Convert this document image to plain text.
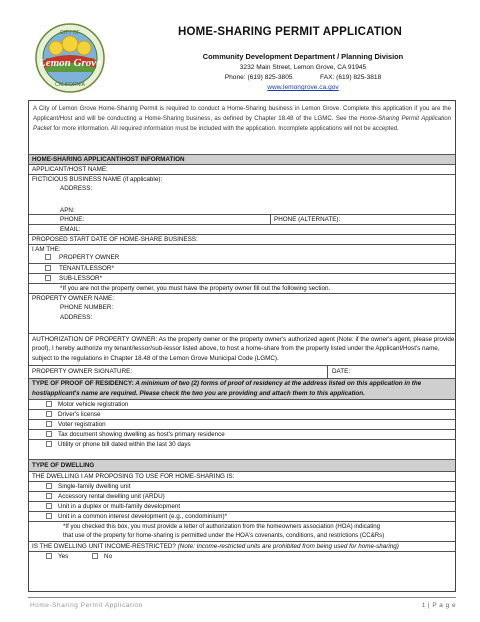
Lemon Grove
CITY OF
CALIFORNIA
HOME-SHARING PERMIT APPLICATION
Community Development Department / Planning Division
3232 Main Street, Lemon Grove, CA 91945
Phone: (619) 825-3805	FAX: (619) 825-3818
www.lemongrove.ca.gov
A City of Lemon Grove Home-Sharing Permit is required to conduct a Home-Sharing business in Lemon Grove. Complete this application if you are the Applicant/Host and will be conducting a Home-Sharing business, as defined by Chapter 18.48 of the LGMC. See the Home-Sharing Permit Application Packet for more information. All required information must be included with the application. Incomplete applications will not be accepted.
HOME-SHARING APPLICANT/HOST INFORMATION
APPLICANT/HOST NAME:
FICTICIOUS BUSINESS NAME (if applicable):
ADDRESS:
APN:
PHONE:	PHONE (ALTERNATE):
EMAIL:
PROPOSED START DATE OF HOME-SHARE BUSINESS:
I AM THE:
PROPERTY OWNER
TENANT/LESSOR*
SUB-LESSOR*
*If you are not the property owner, you must have the property owner fill out the following section.
PROPERTY OWNER NAME:
PHONE NUMBER:
ADDRESS:
AUTHORIZATION OF PROPERTY OWNER: As the property owner or the property owner's authorized agent (Note: if the owner's agent, please provide proof), I hereby authorize my tenant/lessor/sub-lessor listed above, to host a home-share from the property listed under the Applicant/Host's name, subject to the regulations in Chapter 18.48 of the Lemon Grove Municipal Code (LGMC).
PROPERTY OWNER SIGNATURE:	DATE:
TYPE OF PROOF OF RESIDENCY: A minimum of two (2) forms of proof of residency at the address listed on this application in the host/applicant's name are required. Please check the two you are providing and attach them to this application.
Motor vehicle registration
Driver's license
Voter registration
Tax document showing dwelling as host's primary residence
Utility or phone bill dated within the last 30 days
TYPE OF DWELLING
THE DWELLING I AM PROPOSING TO USE FOR HOME-SHARING IS:
Single-family dwelling unit
Accessory rental dwelling unit (ARDU)
Unit in a duplex or multi-family development
Unit in a common interest development (e.g., condominium)*
*If you checked this box, you must provide a letter of authorization from the homeowners association (HOA) indicating
that use of the property for home-sharing is permitted under the HOA's covenants, conditions, and restrictions (CC&Rs)
IS THE DWELLING UNIT INCOME-RESTRICTED? (Note: Income-restricted units are prohibited from being used for home-sharing)
Yes	No
Home-Sharing Permit Application	1 | P a g e
